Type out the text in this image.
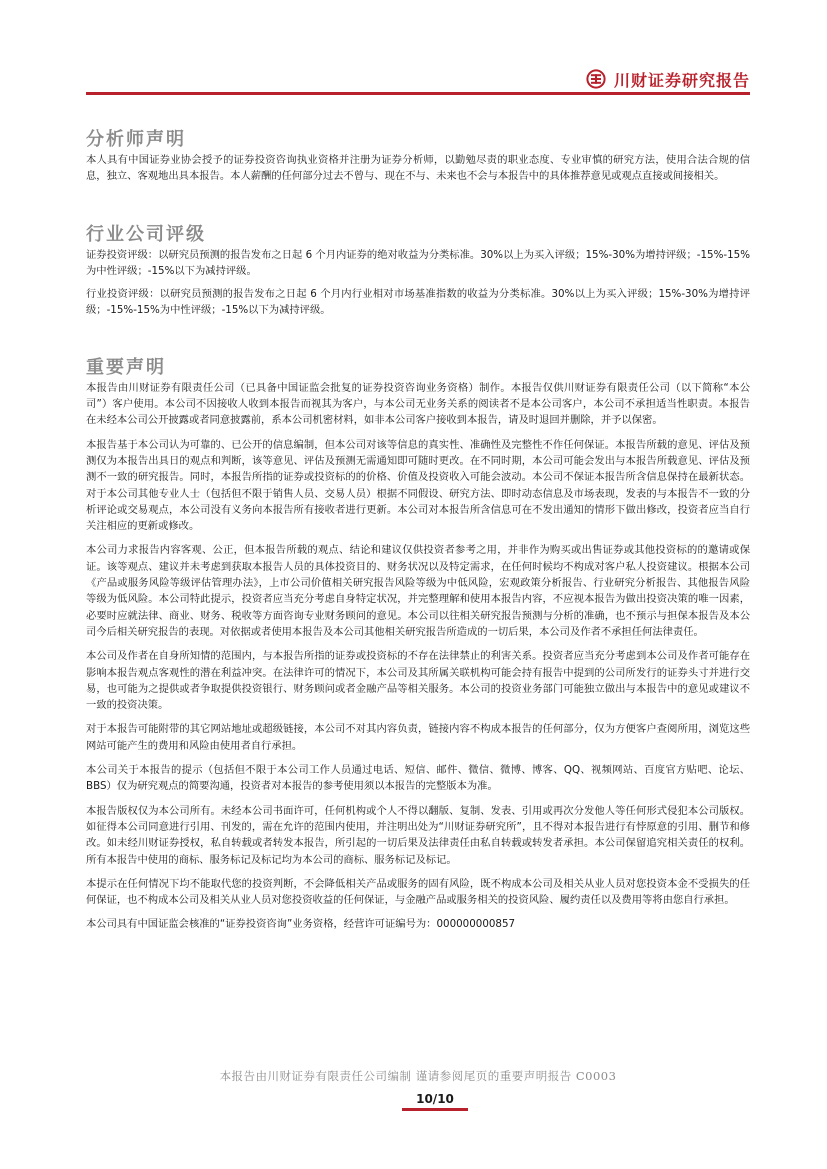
川财证券研究报告
分析师声明

本人具有中国证券业协会授予的证券投资咨询执业资格并注册为证券分析师，以勤勉尽责的职业态度、专业审慎的研究方法，使用合法合规的信息，独立、客观地出具本报告。本人薪酬的任何部分过去不曾与、现在不与、未来也不会与本报告中的具体推荐意见或观点直接或间接相关。

行业公司评级

证券投资评级：以研究员预测的报告发布之日起 6 个月内证券的绝对收益为分类标准。30%以上为买入评级；15%-30%为增持评级；-15%-15%为中性评级；-15%以下为减持评级。

行业投资评级：以研究员预测的报告发布之日起 6 个月内行业相对市场基准指数的收益为分类标准。30%以上为买入评级；15%-30%为增持评级；-15%-15%为中性评级；-15%以下为减持评级。

重要声明

本报告由川财证券有限责任公司（已具备中国证监会批复的证券投资咨询业务资格）制作。本报告仅供川财证券有限责任公司（以下简称“本公司”）客户使用。本公司不因接收人收到本报告而视其为客户，与本公司无业务关系的阅读者不是本公司客户，本公司不承担适当性职责。本报告在未经本公司公开披露或者同意披露前，系本公司机密材料，如非本公司客户接收到本报告，请及时退回并删除，并予以保密。

本报告基于本公司认为可靠的、已公开的信息编制，但本公司对该等信息的真实性、准确性及完整性不作任何保证。本报告所载的意见、评估及预测仅为本报告出具日的观点和判断，该等意见、评估及预测无需通知即可随时更改。在不同时期，本公司可能会发出与本报告所载意见、评估及预测不一致的研究报告。同时，本报告所指的证券或投资标的的价格、价值及投资收入可能会波动。本公司不保证本报告所含信息保持在最新状态。对于本公司其他专业人士（包括但不限于销售人员、交易人员）根据不同假设、研究方法、即时动态信息及市场表现，发表的与本报告不一致的分析评论或交易观点，本公司没有义务向本报告所有接收者进行更新。本公司对本报告所含信息可在不发出通知的情形下做出修改，投资者应当自行关注相应的更新或修改。

本公司力求报告内容客观、公正，但本报告所载的观点、结论和建议仅供投资者参考之用，并非作为购买或出售证券或其他投资标的的邀请或保证。该等观点、建议并未考虑到获取本报告人员的具体投资目的、财务状况以及特定需求，在任何时候均不构成对客户私人投资建议。根据本公司《产品或服务风险等级评估管理办法》，上市公司价值相关研究报告风险等级为中低风险，宏观政策分析报告、行业研究分析报告、其他报告风险等级为低风险。本公司特此提示，投资者应当充分考虑自身特定状况，并完整理解和使用本报告内容，不应视本报告为做出投资决策的唯一因素，必要时应就法律、商业、财务、税收等方面咨询专业财务顾问的意见。本公司以往相关研究报告预测与分析的准确，也不预示与担保本报告及本公司今后相关研究报告的表现。对依据或者使用本报告及本公司其他相关研究报告所造成的一切后果，本公司及作者不承担任何法律责任。

本公司及作者在自身所知情的范围内，与本报告所指的证券或投资标的不存在法律禁止的利害关系。投资者应当充分考虑到本公司及作者可能存在影响本报告观点客观性的潜在利益冲突。在法律许可的情况下，本公司及其所属关联机构可能会持有报告中提到的公司所发行的证券头寸并进行交易，也可能为之提供或者争取提供投资银行、财务顾问或者金融产品等相关服务。本公司的投资业务部门可能独立做出与本报告中的意见或建议不一致的投资决策。

对于本报告可能附带的其它网站地址或超级链接，本公司不对其内容负责，链接内容不构成本报告的任何部分，仅为方便客户查阅所用，浏览这些网站可能产生的费用和风险由使用者自行承担。

本公司关于本报告的提示（包括但不限于本公司工作人员通过电话、短信、邮件、微信、微博、博客、QQ、视频网站、百度官方贴吧、论坛、BBS）仅为研究观点的简要沟通，投资者对本报告的参考使用须以本报告的完整版本为准。

本报告版权仅为本公司所有。未经本公司书面许可，任何机构或个人不得以翻版、复制、发表、引用或再次分发他人等任何形式侵犯本公司版权。如征得本公司同意进行引用、刊发的，需在允许的范围内使用，并注明出处为“川财证券研究所”，且不得对本报告进行有悖原意的引用、删节和修改。如未经川财证券授权，私自转载或者转发本报告，所引起的一切后果及法律责任由私自转载或转发者承担。本公司保留追究相关责任的权利。所有本报告中使用的商标、服务标记及标记均为本公司的商标、服务标记及标记。

本提示在任何情况下均不能取代您的投资判断，不会降低相关产品或服务的固有风险，既不构成本公司及相关从业人员对您投资本金不受损失的任何保证，也不构成本公司及相关从业人员对您投资收益的任何保证，与金融产品或服务相关的投资风险、履约责任以及费用等将由您自行承担。

本公司具有中国证监会核准的“证券投资咨询”业务资格，经营许可证编号为：000000000857

本报告由川财证券有限责任公司编制 谨请参阅尾页的重要声明报告 C0003
10/10
